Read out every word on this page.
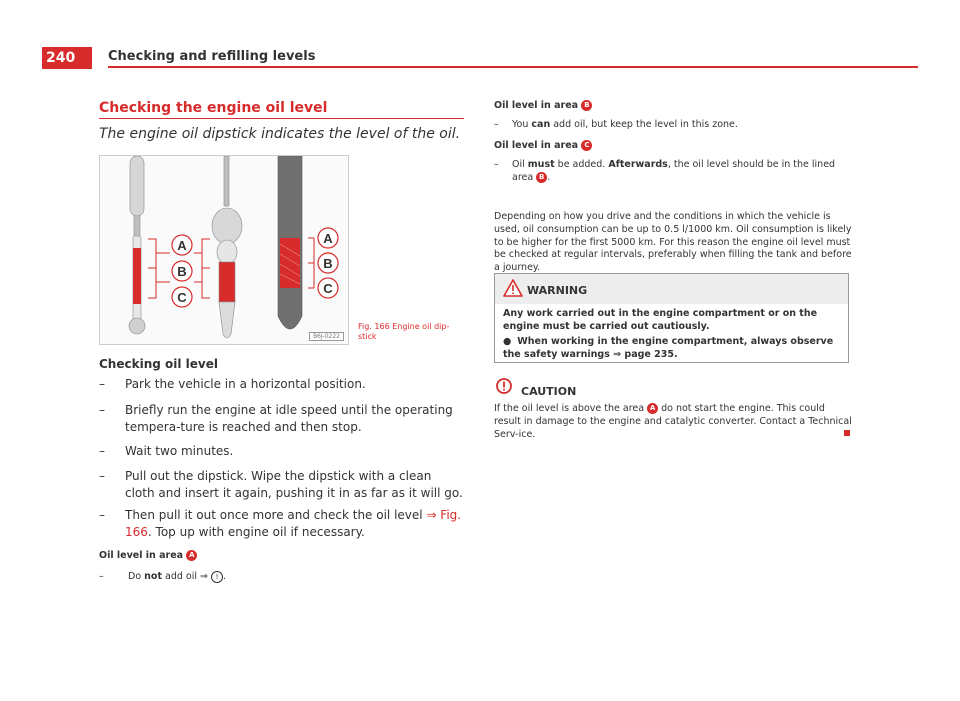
240	Checking and refilling levels
Checking the engine oil level
The engine oil dipstick indicates the level of the oil.
A
B
C
A
B
C
B6J-0222
Fig. 166 Engine oil dip-
stick
Checking oil level
– Park the vehicle in a horizontal position.
– Briefly run the engine at idle speed until the operating tempera-ture is reached and then stop.
– Wait two minutes.
– Pull out the dipstick. Wipe the dipstick with a clean cloth and insert it again, pushing it in as far as it will go.
– Then pull it out once more and check the oil level ⇒ Fig. 166. Top up with engine oil if necessary.
Oil level in area A
–	Do not add oil ⇒ ! .
Oil level in area B
– You can add oil, but keep the level in this zone.
Oil level in area C
– Oil must be added. Afterwards, the oil level should be in the lined area B .
Depending on how you drive and the conditions in which the vehicle is used, oil consumption can be up to 0.5 l/1000 km. Oil consumption is likely to be higher for the first 5000 km. For this reason the engine oil level must be checked at regular intervals, preferably when filling the tank and before a journey.
WARNING
Any work carried out in the engine compartment or on the engine must be carried out cautiously.
● When working in the engine compartment, always observe the safety warnings ⇒ page 235.
CAUTION
If the oil level is above the area A do not start the engine. This could result in damage to the engine and catalytic converter. Contact a Technical Serv-ice.
